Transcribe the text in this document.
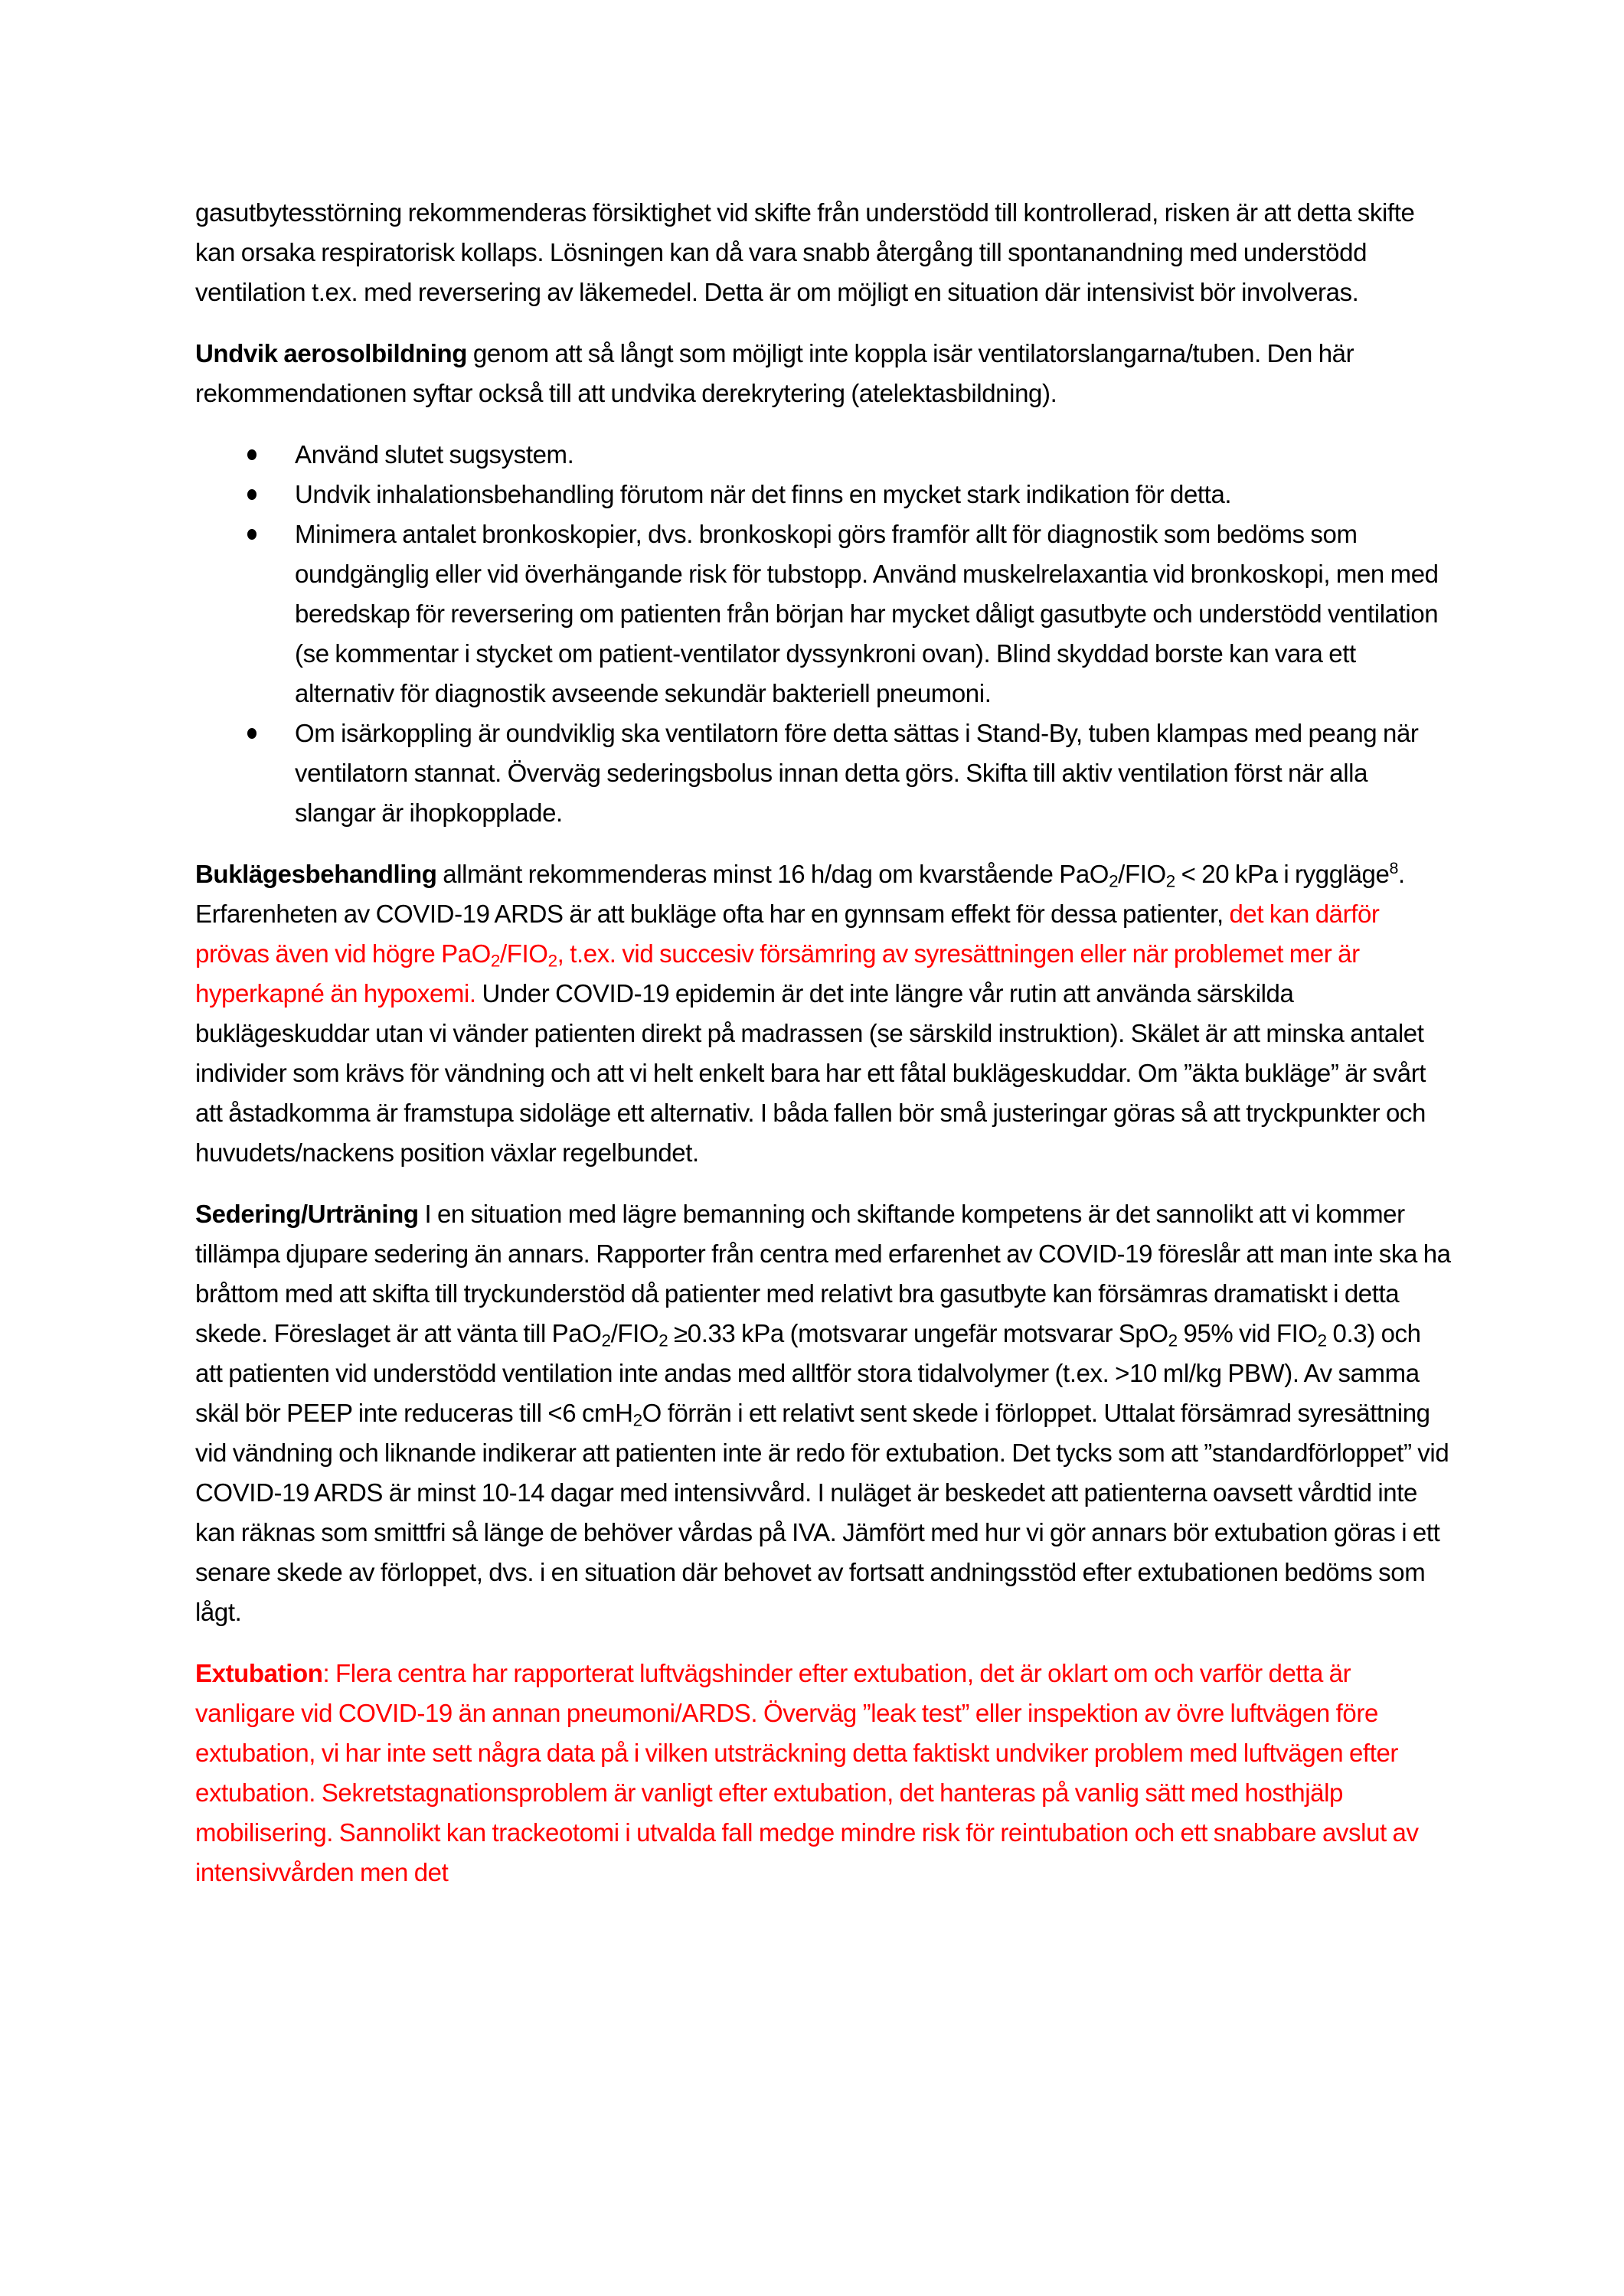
gasutbytesstörning rekommenderas försiktighet vid skifte från understödd till kontrollerad, risken är att detta skifte kan orsaka respiratorisk kollaps. Lösningen kan då vara snabb återgång till spontanandning med understödd ventilation t.ex. med reversering av läkemedel. Detta är om möjligt en situation där intensivist bör involveras.

Undvik aerosolbildning genom att så långt som möjligt inte koppla isär ventilatorslangarna/tuben. Den här rekommendationen syftar också till att undvika derekrytering (atelektasbildning).

Använd slutet sugsystem.
Undvik inhalationsbehandling förutom när det finns en mycket stark indikation för detta.
Minimera antalet bronkoskopier, dvs. bronkoskopi görs framför allt för diagnostik som bedöms som oundgänglig eller vid överhängande risk för tubstopp. Använd muskelrelaxantia vid bronkoskopi, men med beredskap för reversering om patienten från början har mycket dåligt gasutbyte och understödd ventilation (se kommentar i stycket om patient-ventilator dyssynkroni ovan). Blind skyddad borste kan vara ett alternativ för diagnostik avseende sekundär bakteriell pneumoni.
Om isärkoppling är oundviklig ska ventilatorn före detta sättas i Stand-By, tuben klampas med peang när ventilatorn stannat. Överväg sederingsbolus innan detta görs. Skifta till aktiv ventilation först när alla slangar är ihopkopplade.

Buklägesbehandling allmänt rekommenderas minst 16 h/dag om kvarstående $PaO_2/FIO_2 < 20$ kPa i ryggläge$^8$. Erfarenheten av COVID-19 ARDS är att bukläge ofta har en gynnsam effekt för dessa patienter, det kan därför prövas även vid högre $PaO_2/FIO_2$, t.ex. vid succesiv försämring av syresättningen eller när problemet mer är hyperkapné än hypoxemi. Under COVID-19 epidemin är det inte längre vår rutin att använda särskilda buklägeskuddar utan vi vänder patienten direkt på madrassen (se särskild instruktion). Skälet är att minska antalet individer som krävs för vändning och att vi helt enkelt bara har ett fåtal buklägeskuddar. Om ”äkta bukläge” är svårt att åstadkomma är framstupa sidoläge ett alternativ. I båda fallen bör små justeringar göras så att tryckpunkter och huvudets/nackens position växlar regelbundet.

Sedering/Urträning I en situation med lägre bemanning och skiftande kompetens är det sannolikt att vi kommer tillämpa djupare sedering än annars. Rapporter från centra med erfarenhet av COVID-19 föreslår att man inte ska ha bråttom med att skifta till tryckunderstöd då patienter med relativt bra gasutbyte kan försämras dramatiskt i detta skede. Föreslaget är att vänta till $PaO_2/FIO_2 \ge 0.33$ kPa (motsvarar ungefär motsvarar SpO$_2$ 95% vid $FIO_2$ 0.3) och att patienten vid understödd ventilation inte andas med alltför stora tidalvolymer (t.ex. >10 ml/kg PBW). Av samma skäl bör PEEP inte reduceras till <6 cmH$_2$O förrän i ett relativt sent skede i förloppet. Uttalat försämrad syresättning vid vändning och liknande indikerar att patienten inte är redo för extubation. Det tycks som att ”standardförloppet” vid COVID-19 ARDS är minst 10-14 dagar med intensivvård. I nuläget är beskedet att patienterna oavsett vårdtid inte kan räknas som smittfri så länge de behöver vårdas på IVA. Jämfört med hur vi gör annars bör extubation göras i ett senare skede av förloppet, dvs. i en situation där behovet av fortsatt andningsstöd efter extubationen bedöms som lågt.

Extubation: Flera centra har rapporterat luftvägshinder efter extubation, det är oklart om och varför detta är vanligare vid COVID-19 än annan pneumoni/ARDS. Överväg ”leak test” eller inspektion av övre luftvägen före extubation, vi har inte sett några data på i vilken utsträckning detta faktiskt undviker problem med luftvägen efter extubation. Sekretstagnationsproblem är vanligt efter extubation, det hanteras på vanlig sätt med hosthjälp mobilisering. Sannolikt kan trackeotomi i utvalda fall medge mindre risk för reintubation och ett snabbare avslut av intensivvården men det
